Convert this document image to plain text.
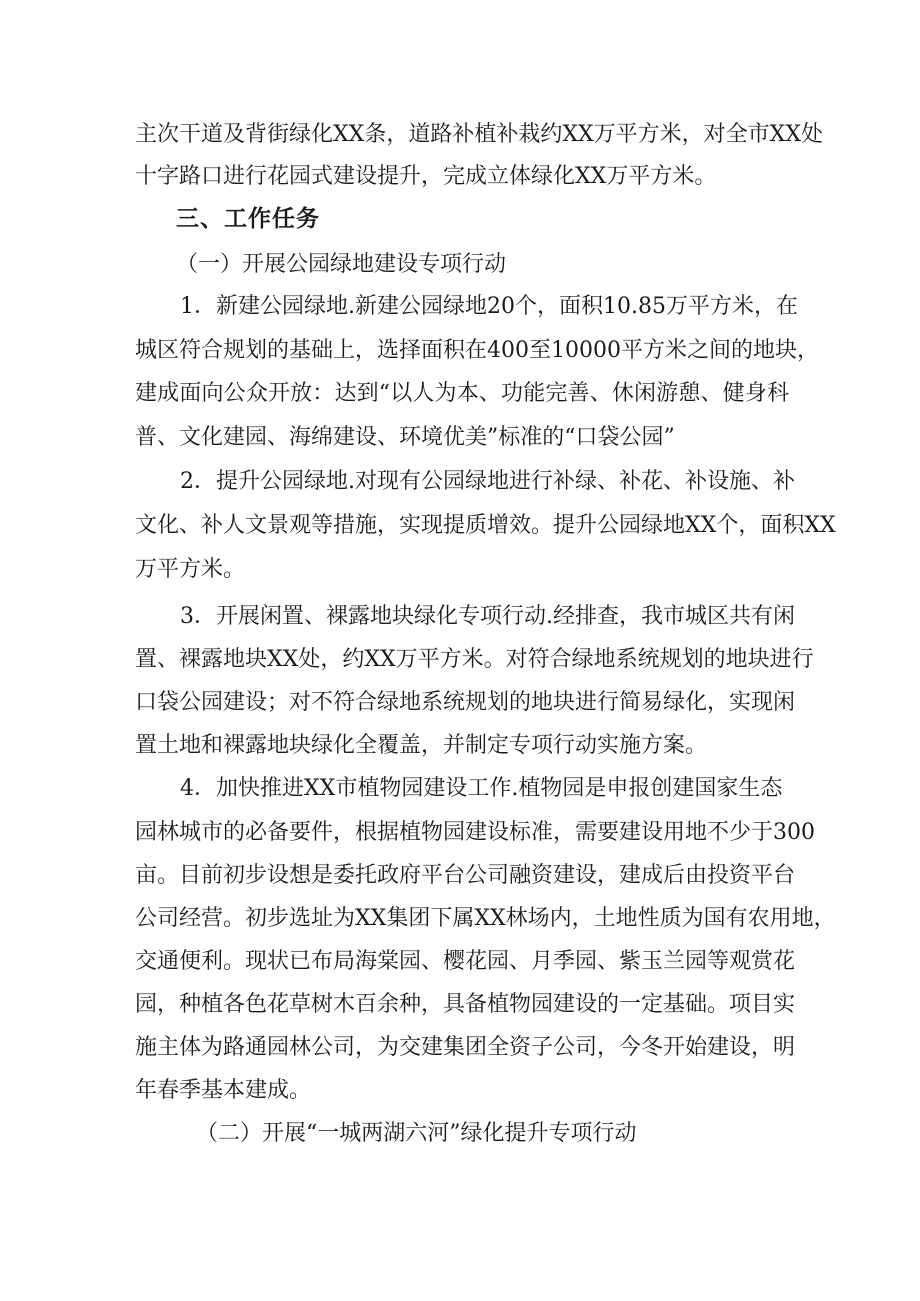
主次干道及背街绿化XX条，道路补植补栽约XX万平方米，对全市XX处
十字路口进行花园式建设提升，完成立体绿化XX万平方米。
三、工作任务
（一）开展公园绿地建设专项行动
1．新建公园绿地.新建公园绿地20个，面积10.85万平方米，在
城区符合规划的基础上，选择面积在400至10000平方米之间的地块，
建成面向公众开放：达到“以人为本、功能完善、休闲游憩、健身科
普、文化建园、海绵建设、环境优美”标准的“口袋公园”
2．提升公园绿地.对现有公园绿地进行补绿、补花、补设施、补
文化、补人文景观等措施，实现提质增效。提升公园绿地XX个，面积XX
万平方米。
3．开展闲置、裸露地块绿化专项行动.经排查，我市城区共有闲
置、裸露地块XX处，约XX万平方米。对符合绿地系统规划的地块进行
口袋公园建设；对不符合绿地系统规划的地块进行简易绿化，实现闲
置土地和裸露地块绿化全覆盖，并制定专项行动实施方案。
4．加快推进XX市植物园建设工作.植物园是申报创建国家生态
园林城市的必备要件，根据植物园建设标准，需要建设用地不少于300
亩。目前初步设想是委托政府平台公司融资建设，建成后由投资平台
公司经营。初步选址为XX集团下属XX林场内，土地性质为国有农用地，
交通便利。现状已布局海棠园、樱花园、月季园、紫玉兰园等观赏花
园，种植各色花草树木百余种，具备植物园建设的一定基础。项目实
施主体为路通园林公司，为交建集团全资子公司，今冬开始建设，明
年春季基本建成。
（二）开展“一城两湖六河”绿化提升专项行动
